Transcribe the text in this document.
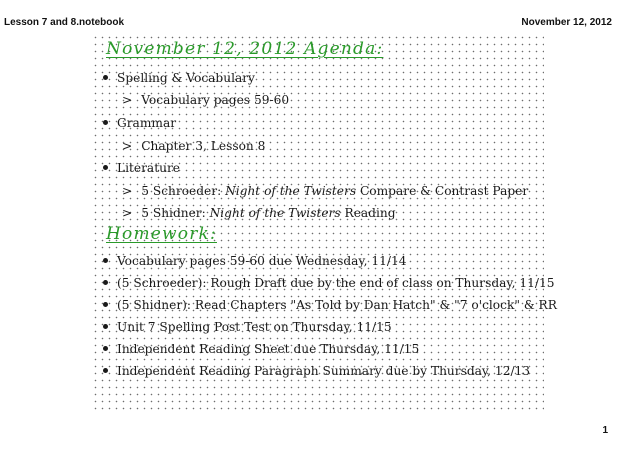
Lesson 7 and 8.notebook	November 12, 2012
November 12, 2012 Agenda:
Spelling & Vocabulary
> Vocabulary pages 59-60
Grammar
> Chapter 3, Lesson 8
Literature
> 5 Schroeder: Night of the Twisters Compare & Contrast Paper
> 5 Shidner: Night of the Twisters Reading
Homework:
Vocabulary pages 59-60 due Wednesday, 11/14
(5 Schroeder): Rough Draft due by the end of class on Thursday, 11/15
(5 Shidner): Read Chapters "As Told by Dan Hatch" & "7 o'clock" & RR
Unit 7 Spelling Post Test on Thursday, 11/15
Independent Reading Sheet due Thursday, 11/15
Independent Reading Paragraph Summary due by Thursday, 12/13
1
